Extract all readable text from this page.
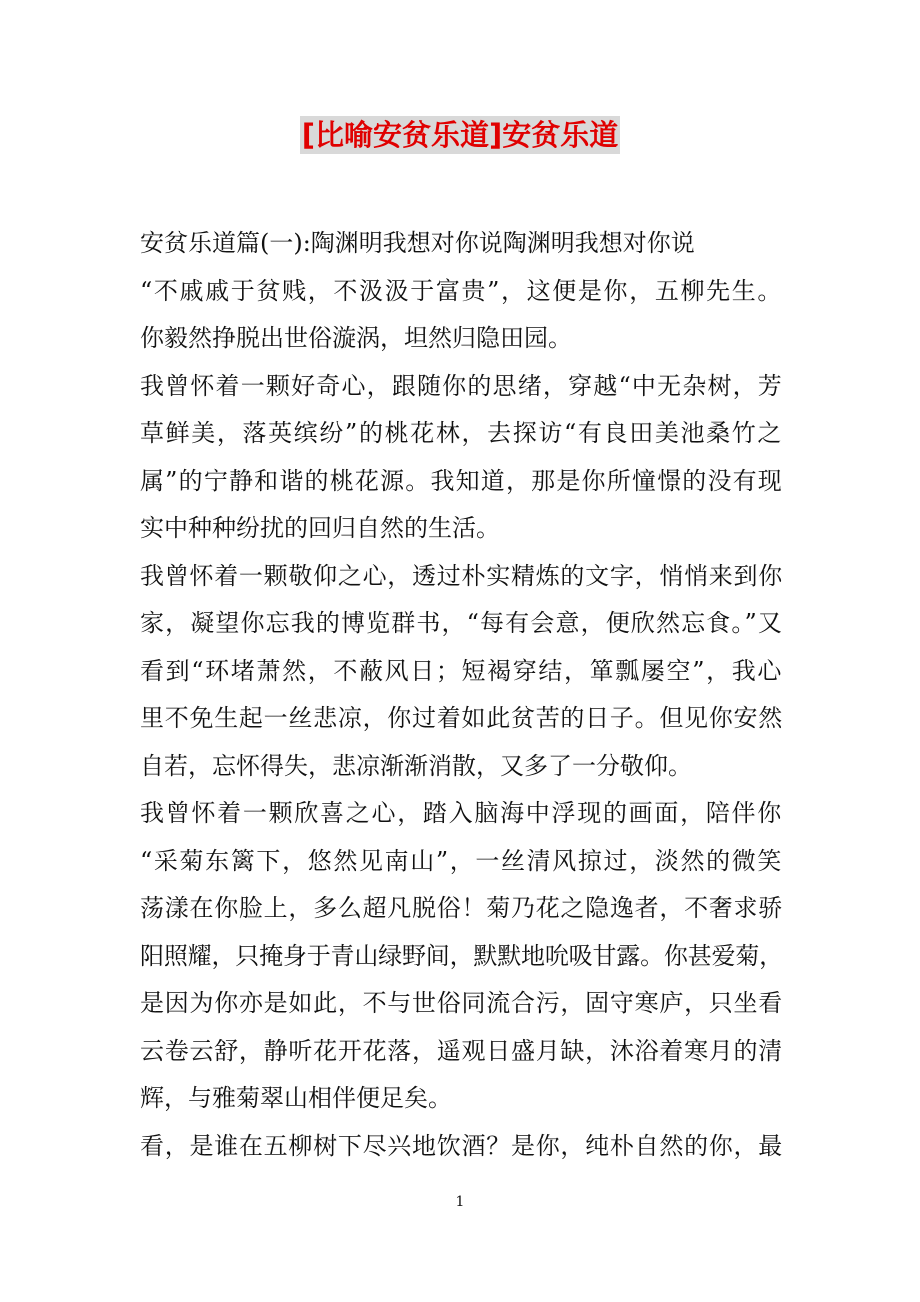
[比喻安贫乐道]安贫乐道
安贫乐道篇(一):陶渊明我想对你说陶渊明我想对你说
“不戚戚于贫贱，不汲汲于富贵”，这便是你，五柳先生。
你毅然挣脱出世俗漩涡，坦然归隐田园。
我曾怀着一颗好奇心，跟随你的思绪，穿越“中无杂树，芳
草鲜美，落英缤纷”的桃花林，去探访“有良田美池桑竹之
属”的宁静和谐的桃花源。我知道，那是你所憧憬的没有现
实中种种纷扰的回归自然的生活。
我曾怀着一颗敬仰之心，透过朴实精炼的文字，悄悄来到你
家，凝望你忘我的博览群书，“每有会意，便欣然忘食。”又
看到“环堵萧然，不蔽风日；短褐穿结，箪瓢屡空”，我心
里不免生起一丝悲凉，你过着如此贫苦的日子。但见你安然
自若，忘怀得失，悲凉渐渐消散，又多了一分敬仰。
我曾怀着一颗欣喜之心，踏入脑海中浮现的画面，陪伴你
“采菊东篱下，悠然见南山”，一丝清风掠过，淡然的微笑
荡漾在你脸上，多么超凡脱俗！菊乃花之隐逸者，不奢求骄
阳照耀，只掩身于青山绿野间，默默地吮吸甘露。你甚爱菊，
是因为你亦是如此，不与世俗同流合污，固守寒庐，只坐看
云卷云舒，静听花开花落，遥观日盛月缺，沐浴着寒月的清
辉，与雅菊翠山相伴便足矣。
看，是谁在五柳树下尽兴地饮酒？是你，纯朴自然的你，最
1
